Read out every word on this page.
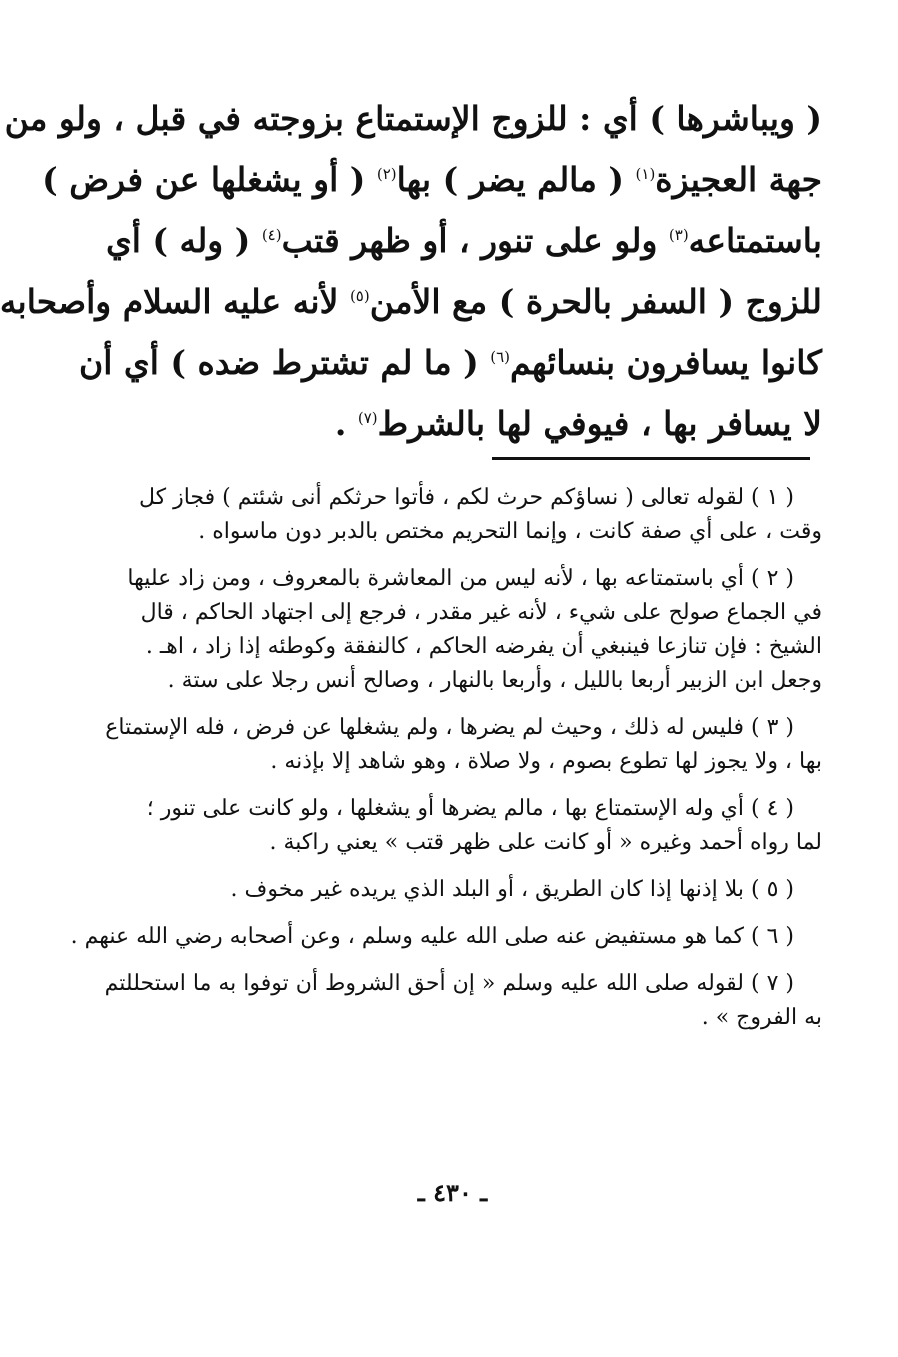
( ويباشرها ) أي : للزوج الإستمتاع بزوجته في قبل ، ولو من
جهة العجيزة$^{(١)}$ ( مالم يضر ) بها$^{(٢)}$ ( أو يشغلها عن فرض )
باستمتاعه$^{(٣)}$ ولو على تنور ، أو ظهر قتب$^{(٤)}$ ( وله ) أي
للزوج ( السفر بالحرة ) مع الأمن$^{(٥)}$ لأنه عليه السلام وأصحابه
كانوا يسافرون بنسائهم$^{(٦)}$ ( ما لم تشترط ضده ) أي أن
لا يسافر بها ، فيوفي لها بالشرط$^{(٧)}$ .
( ١ ) لقوله تعالى ( نساؤكم حرث لكم ، فأتوا حرثكم أنى شئتم ) فجاز كل
وقت ، على أي صفة كانت ، وإنما التحريم مختص بالدبر دون ماسواه .
( ٢ ) أي باستمتاعه بها ، لأنه ليس من المعاشرة بالمعروف ، ومن زاد عليها
في الجماع صولح على شيء ، لأنه غير مقدر ، فرجع إلى اجتهاد الحاكم ، قال
الشيخ : فإن تنازعا فينبغي أن يفرضه الحاكم ، كالنفقة وكوطئه إذا زاد ، اهـ .
وجعل ابن الزبير أربعا بالليل ، وأربعا بالنهار ، وصالح أنس رجلا على ستة .
( ٣ ) فليس له ذلك ، وحيث لم يضرها ، ولم يشغلها عن فرض ، فله الإستمتاع
بها ، ولا يجوز لها تطوع بصوم ، ولا صلاة ، وهو شاهد إلا بإذنه .
( ٤ ) أي وله الإستمتاع بها ، مالم يضرها أو يشغلها ، ولو كانت على تنور ؛
لما رواه أحمد وغيره « أو كانت على ظهر قتب » يعني راكبة .
( ٥ ) بلا إذنها إذا كان الطريق ، أو البلد الذي يريده غير مخوف .
( ٦ ) كما هو مستفيض عنه صلى الله عليه وسلم ، وعن أصحابه رضي الله عنهم .
( ٧ ) لقوله صلى الله عليه وسلم « إن أحق الشروط أن توفوا به ما استحللتم
به الفروج » .
ـ ٤٣٠ ـ
